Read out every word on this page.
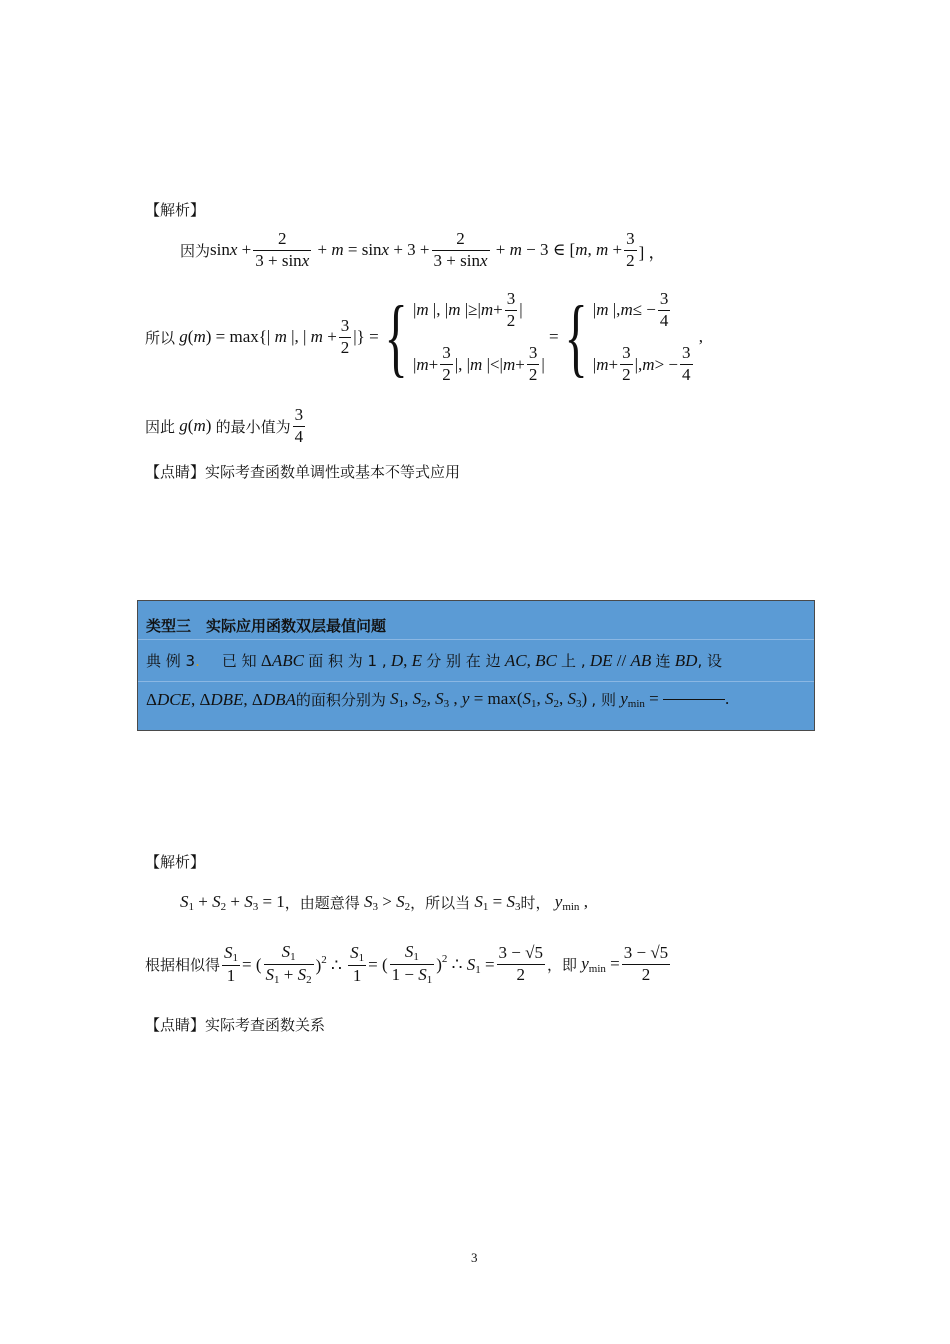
【解析】
因为 $\sin x + \frac{2}{3 + \sin x} + m = \sin x + 3 + \frac{2}{3 + \sin x} + m - 3$ ∈ [m, $m + \frac{3}{2}$ ] ，
所以 g(m) = max{| m |, | $m + \frac{3}{2}$ |} = { | m |, | m |≥| $m + \frac{3}{2}$ |
| $m + \frac{3}{2}$ |, | m |<| $m + \frac{3}{2}$ |
= { | m |, m ≤ − $\frac{3}{4}$
| $m + \frac{3}{2}$ |, m > − $\frac{3}{4}$
,
因此 g(m) 的最小值为 $\frac{3}{4}$
【点睛】实际考查函数单调性或基本不等式应用
类型三　实际应用函数双层最值问题
典 例 3 . 已 知 ΔABC 面 积 为 1 , D, E 分 别 在 边 AC, BC 上 , DE // AB 连 BD , 设
ΔDCE, ΔDBE, ΔDBA 的面积分别为 $S_1$, $S_2$, $S_3$ , $y = \max(S_1$, $S_2$, $S_3$) , 则 $y_{min}$ =	.
【解析】
$S_1 + S_2 + S_3 = 1$ ，由题意得 $S_3 > S_2$ ，所以当 $S_1 = S_3$ 时， $y_{min}$ ,
根据相似得 $\frac{S_1}{1}$ = ( $\frac{S_1}{S_1 + S_2} )^2$ ∴ $\frac{S_1}{1}$ = ( $\frac{S_1}{1 - S_1} )^2$ ∴ $S_1 = \frac{3 - √5}{2}$ ，即 $y_{min} = \frac{3 - √5}{2}$
【点睛】实际考查函数关系
3
